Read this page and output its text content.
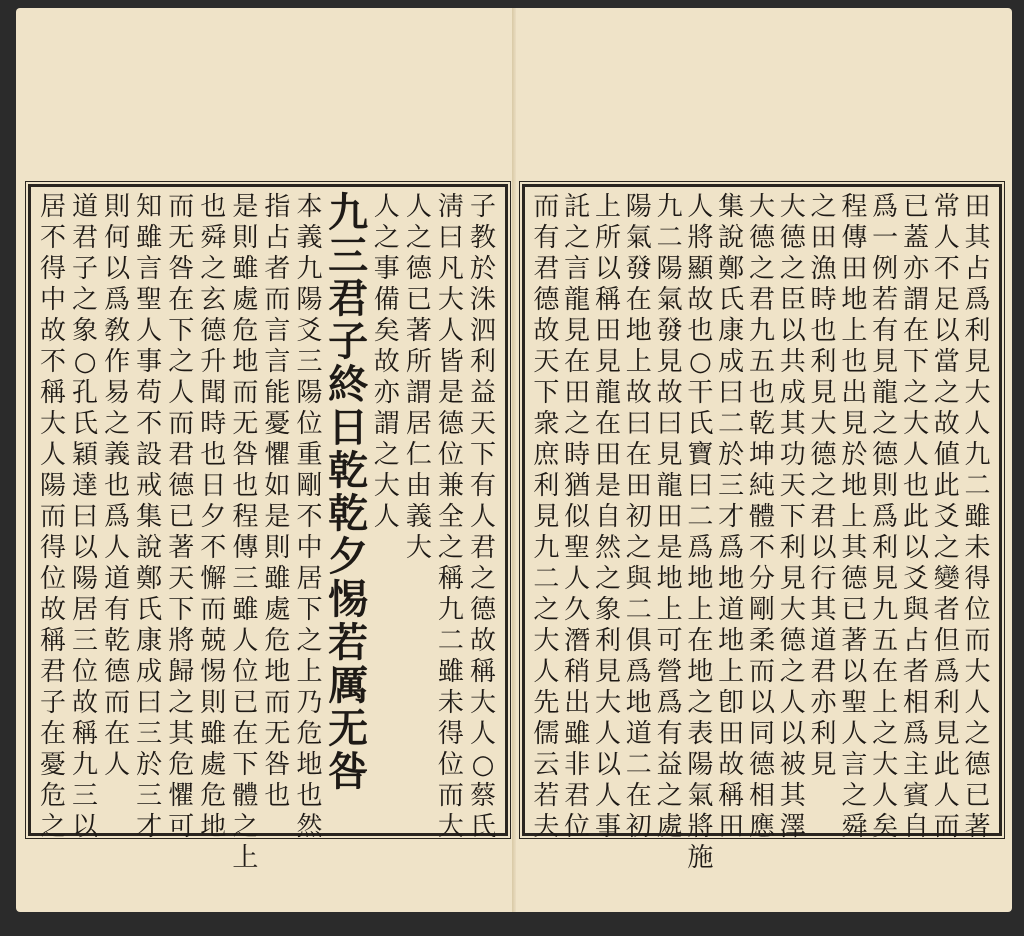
子
教
於
洙
泗
利
益
天
下
有
人
君
之
德
故
稱
大
人
○
蔡
氏
淸
曰
凡
大
人
皆
是
德
位
兼
全
之
稱
九
二
雖
未
得
位
而
大
人
之
德
已
著
所
謂
居
仁
由
義
大
人
之
事
備
矣
故
亦
謂
之
大
人
九
三
君
子
終
日
乾
乾
夕
惕
若
厲
无
咎
本
義
九
陽
爻
三
陽
位
重
剛
不
中
居
下
之
上
乃
危
地
也
然
指
占
者
而
言
言
能
憂
懼
如
是
則
雖
處
危
地
而
无
咎
也
是
則
雖
處
危
地
而
无
咎
也
程
傳
三
雖
人
位
已
在
下
體
之
上
也
舜
之
玄
德
升
聞
時
也
日
夕
不
懈
而
兢
惕
則
雖
處
危
地
而
无
咎
在
下
之
人
而
君
德
已
著
天
下
將
歸
之
其
危
懼
可
知
雖
言
聖
人
事
苟
不
設
戒
集
說
鄭
氏
康
成
曰
三
於
三
才
則
何
以
爲
敎
作
易
之
義
也
爲
人
道
有
乾
德
而
在
人
道
君
子
之
象
○
孔
氏
穎
達
曰
以
陽
居
三
位
故
稱
九
三
以
居
不
得
中
故
不
稱
大
人
陽
而
得
位
故
稱
君
子
在
憂
危
之
田
其
占
爲
利
見
大
人
九
二
雖
未
得
位
而
大
人
之
德
已
著
常
人
不
足
以
當
之
故
値
此
爻
之
變
者
但
爲
利
見
此
人
而
已
蓋
亦
謂
在
下
之
大
人
也
此
以
爻
與
占
者
相
爲
主
賓
自
爲
一
例
若
有
見
龍
之
德
則
爲
利
見
九
五
在
上
之
大
人
矣
程
傳
田
地
上
也
出
見
於
地
上
其
德
已
著
以
聖
人
言
之
舜
之
田
漁
時
也
利
見
大
德
之
君
以
行
其
道
君
亦
利
見
大
德
之
臣
以
共
成
其
功
天
下
利
見
大
德
之
人
以
被
其
澤
大
德
之
君
九
五
也
乾
坤
純
體
不
分
剛
柔
而
以
同
德
相
應
集
說
鄭
氏
康
成
曰
二
於
三
才
爲
地
道
地
上
卽
田
故
稱
田
人
將
顯
故
也
○
干
氏
寶
曰
二
爲
地
上
在
地
之
表
陽
氣
將
施
九
二
陽
氣
發
見
故
曰
見
龍
田
是
地
上
可
營
爲
有
益
之
處
陽
氣
發
在
地
上
故
曰
在
田
初
之
與
二
俱
爲
地
道
二
在
初
上
所
以
稱
田
見
龍
在
田
是
自
然
之
象
利
見
大
人
以
人
事
託
之
言
龍
見
在
田
之
時
猶
似
聖
人
久
潛
稍
出
雖
非
君
位
而
有
君
德
故
天
下
衆
庶
利
見
九
二
之
大
人
先
儒
云
若
夫
